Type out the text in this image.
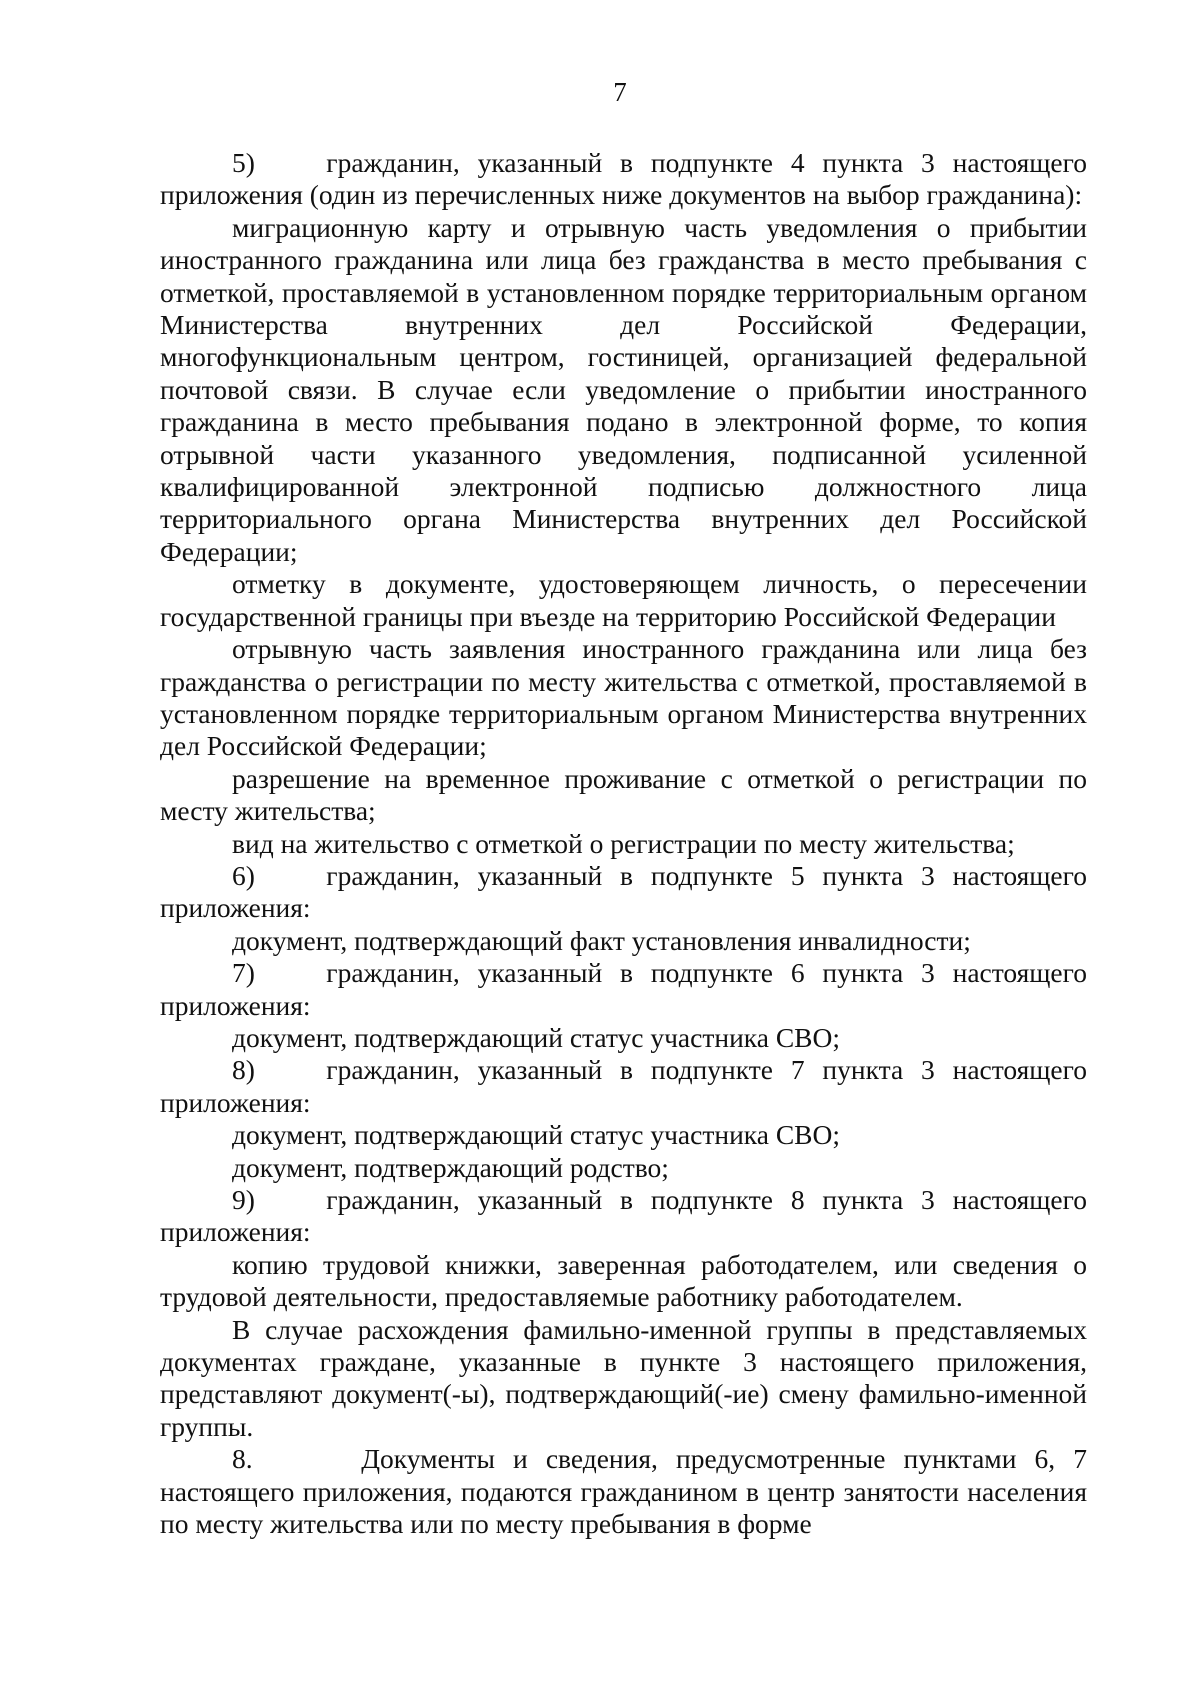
7

5)    гражданин, указанный в подпункте 4 пункта 3 настоящего приложения (один из перечисленных ниже документов на выбор гражданина):

миграционную карту и отрывную часть уведомления о прибытии иностранного гражданина или лица без гражданства в место пребывания с отметкой, проставляемой в установленном порядке территориальным органом Министерства внутренних дел Российской Федерации, многофункциональным центром, гостиницей, организацией федеральной почтовой связи. В случае если уведомление о прибытии иностранного гражданина в место пребывания подано в электронной форме, то копия отрывной части указанного уведомления, подписанной усиленной квалифицированной электронной подписью должностного лица территориального органа Министерства внутренних дел Российской Федерации;

отметку в документе, удостоверяющем личность, о пересечении государственной границы при въезде на территорию Российской Федерации

отрывную часть заявления иностранного гражданина или лица без гражданства о регистрации по месту жительства с отметкой, проставляемой в установленном порядке территориальным органом Министерства внутренних дел Российской Федерации;

разрешение на временное проживание с отметкой о регистрации по месту жительства;

вид на жительство с отметкой о регистрации по месту жительства;

6)    гражданин, указанный в подпункте 5 пункта 3 настоящего приложения:

документ, подтверждающий факт установления инвалидности;

7)    гражданин, указанный в подпункте 6 пункта 3 настоящего приложения:

документ, подтверждающий статус участника СВО;

8)    гражданин, указанный в подпункте 7 пункта 3 настоящего приложения:

документ, подтверждающий статус участника СВО;

документ, подтверждающий родство;

9)    гражданин, указанный в подпункте 8 пункта 3 настоящего приложения:

копию трудовой книжки, заверенная работодателем, или сведения о трудовой деятельности, предоставляемые работнику работодателем.

В случае расхождения фамильно-именной группы в представляемых документах граждане, указанные в пункте 3 настоящего приложения, представляют документ(-ы), подтверждающий(-ие) смену фамильно-именной группы.

8.      Документы и сведения, предусмотренные пунктами 6, 7 настоящего приложения, подаются гражданином в центр занятости населения по месту жительства или по месту пребывания в форме
